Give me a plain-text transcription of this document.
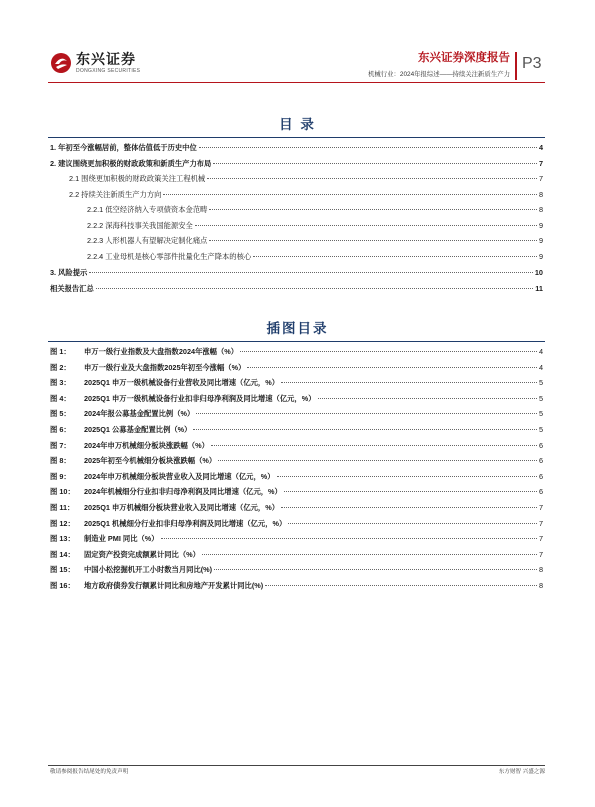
东兴证券
DONGXING SECURITIES
东兴证券深度报告
机械行业：2024年报综述——持续关注新质生产力
P3
目 录
1. 年初至今涨幅居前，整体估值低于历史中位	4
2. 建议围绕更加积极的财政政策和新质生产力布局	7
2.1 围绕更加积极的财政政策关注工程机械	7
2.2 持续关注新质生产力方向	8
2.2.1 低空经济纳入专项债资本金范畴	8
2.2.2 深海科技事关我国能源安全	9
2.2.3 人形机器人有望解决定制化痛点	9
2.2.4 工业母机是核心零部件批量化生产降本的核心	9
3. 风险提示	10
相关报告汇总	11
插图目录
图 1：	申万一级行业指数及大盘指数2024年涨幅（%）	4
图 2：	申万一级行业及大盘指数2025年初至今涨幅（%）	4
图 3：	2025Q1 申万一级机械设备行业营收及同比增速（亿元，%）	5
图 4：	2025Q1 申万一级机械设备行业扣非归母净利润及同比增速（亿元，%）	5
图 5：	2024年报公募基金配置比例（%）	5
图 6：	2025Q1 公募基金配置比例（%）	5
图 7：	2024年申万机械细分板块涨跌幅（%）	6
图 8：	2025年初至今机械细分板块涨跌幅（%）	6
图 9：	2024年申万机械细分板块营业收入及同比增速（亿元，%）	6
图 10：	2024年机械细分行业扣非归母净利润及同比增速（亿元，%）	6
图 11：	2025Q1 申万机械细分板块营业收入及同比增速（亿元，%）	7
图 12：	2025Q1 机械细分行业扣非归母净利润及同比增速（亿元，%）	7
图 13：	制造业 PMI 同比（%）	7
图 14：	固定资产投资完成额累计同比（%）	7
图 15：	中国小松挖掘机开工小时数当月同比(%)	8
图 16：	地方政府债券发行额累计同比和房地产开发累计同比(%)	8
敬请参阅报告结尾处的免责声明	东方财智 兴盛之源
